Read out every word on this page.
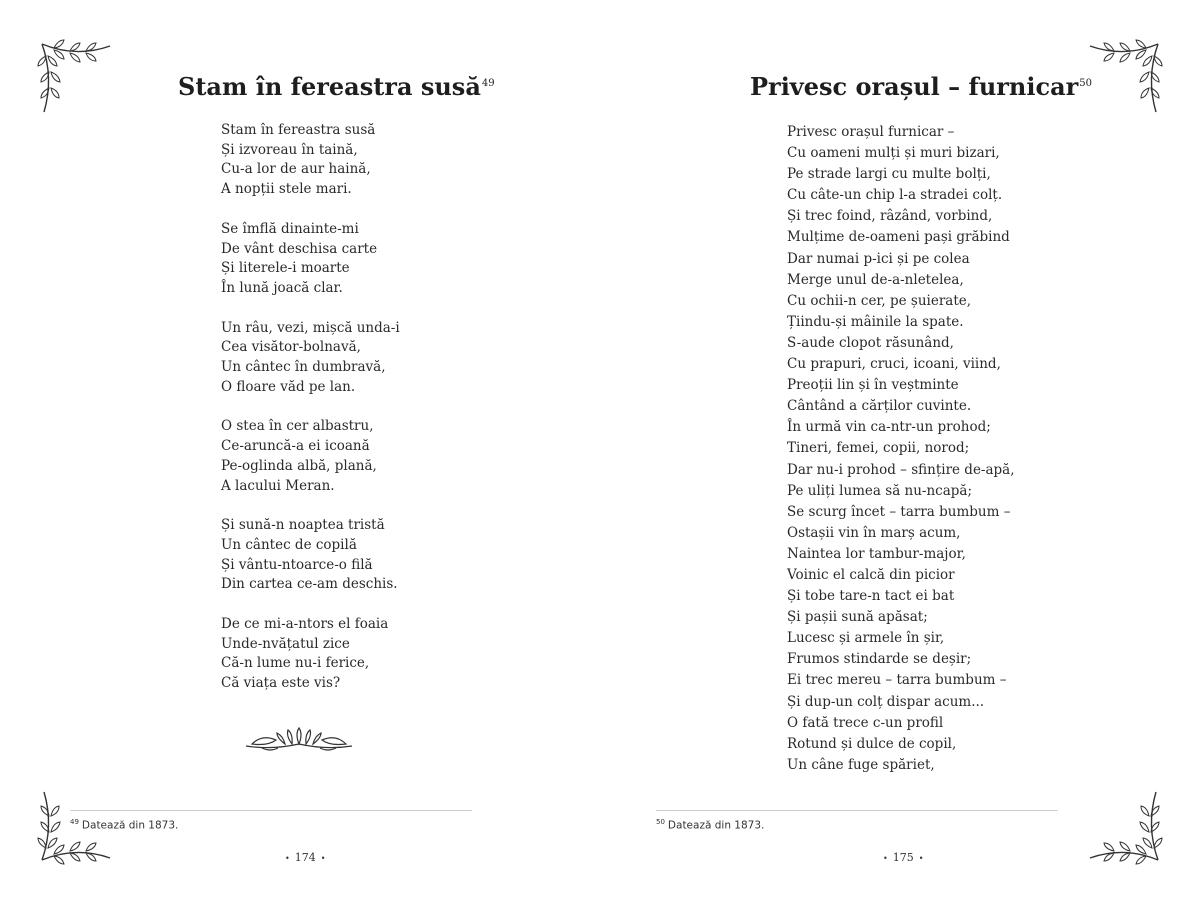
Stam în fereastra susă$^{49}$
Stam în fereastra susă
Și izvoreau în taină,
Cu-a lor de aur haină,
A nopții stele mari.
Se îmflă dinainte-mi
De vânt deschisa carte
Și literele-i moarte
În lună joacă clar.
Un râu, vezi, mișcă unda-i
Cea visător-bolnavă,
Un cântec în dumbravă,
O floare văd pe lan.
O stea în cer albastru,
Ce-aruncă-a ei icoană
Pe-oglinda albă, plană,
A lacului Meran.
Și sună-n noaptea tristă
Un cântec de copilă
Și vântu-ntoarce-o filă
Din cartea ce-am deschis.
De ce mi-a-ntors el foaia
Unde-nvățatul zice
Că-n lume nu-i ferice,
Că viața este vis?
$^{49}$ Datează din 1873.
• 174 •
Privesc orașul – furnicar$^{50}$
Privesc orașul furnicar –
Cu oameni mulți și muri bizari,
Pe strade largi cu multe bolți,
Cu câte-un chip l-a stradei colț.
Și trec foind, râzând, vorbind,
Mulțime de-oameni pași grăbind
Dar numai p-ici și pe colea
Merge unul de-a-nletelea,
Cu ochii-n cer, pe șuierate,
Țiindu-și mâinile la spate.
S-aude clopot răsunând,
Cu prapuri, cruci, icoani, viind,
Preoții lin și în veștminte
Cântând a cărților cuvinte.
În urmă vin ca-ntr-un prohod;
Tineri, femei, copii, norod;
Dar nu-i prohod – sfințire de-apă,
Pe uliți lumea să nu-ncapă;
Se scurg încet – tarra bumbum –
Ostașii vin în marș acum,
Naintea lor tambur-major,
Voinic el calcă din picior
Și tobe tare-n tact ei bat
Și pașii sună apăsat;
Lucesc și armele în șir,
Frumos stindarde se deșir;
Ei trec mereu – tarra bumbum –
Și dup-un colț dispar acum...
O fată trece c-un profil
Rotund și dulce de copil,
Un câne fuge spăriet,
$^{50}$ Datează din 1873.
• 175 •
